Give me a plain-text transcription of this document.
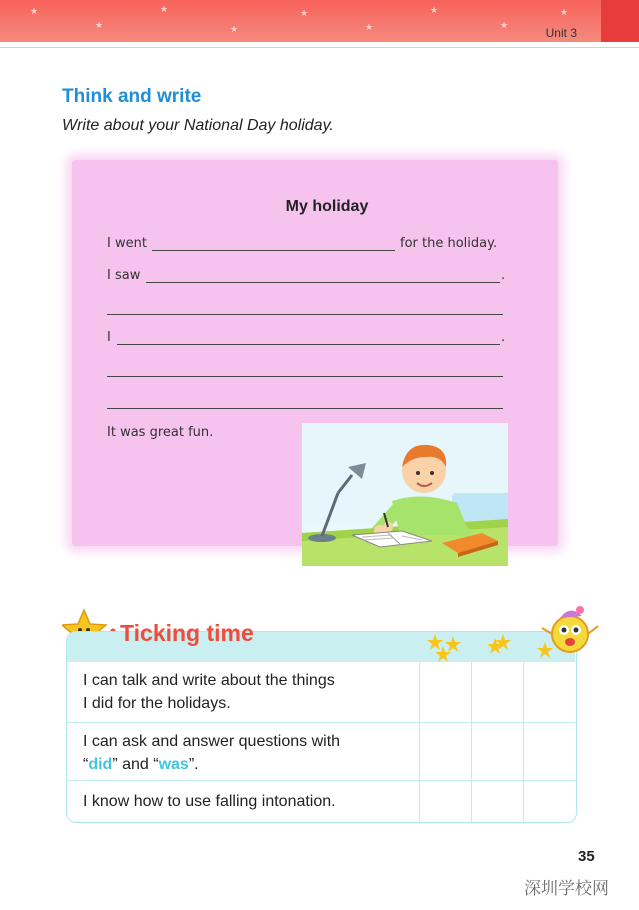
★
★
★
★
★
★
★
★
★
Unit 3
Think and write
Write about your National Day holiday.
My holiday
I went	for the holiday.
I saw	.
I	.
It was great fun.
I can talk and write about the things
I did for the holidays.
I can ask and answer questions with
“did” and “was”.
I know how to use falling intonation.
Ticking time
35
深圳学校网
